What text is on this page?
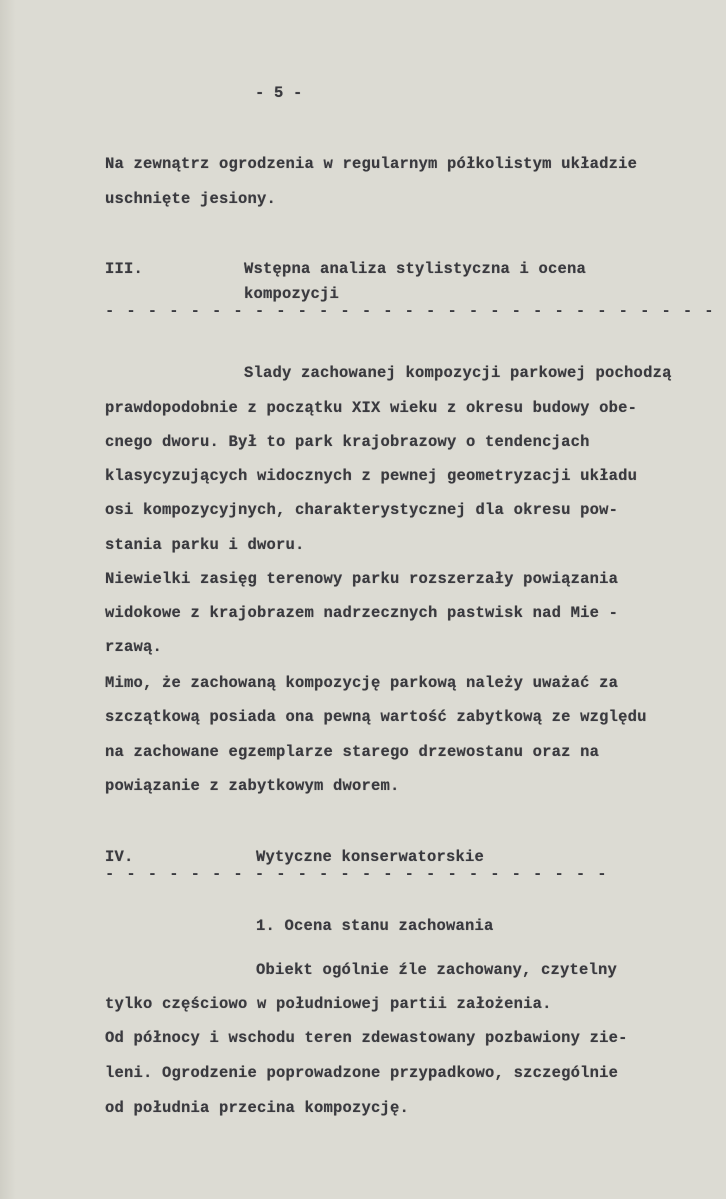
- 5 -
Na zewnątrz ogrodzenia w regularnym półkolistym układzie
uschnięte jesiony.
III.	Wstępna analiza stylistyczna i ocena
kompozycji
- - - - - - - - - - - - - - - - - - - - - - - - - - - - -
Slady zachowanej kompozycji parkowej pochodzą
prawdopodobnie z początku XIX wieku z okresu budowy obe-
cnego dworu. Był to park krajobrazowy o tendencjach
klasycyzujących widocznych z pewnej geometryzacji układu
osi kompozycyjnych, charakterystycznej dla okresu pow-
stania parku i dworu.
Niewielki zasięg terenowy parku rozszerzały powiązania
widokowe z krajobrazem nadrzecznych pastwisk nad Mie -
rzawą.
Mimo, że zachowaną kompozycję parkową należy uważać za
szczątkową posiada ona pewną wartość zabytkową ze względu
na zachowane egzemplarze starego drzewostanu oraz na
powiązanie z zabytkowym dworem.
IV.	Wytyczne konserwatorskie
- - - - - - - - - - - - - - - - - - - - - - - -
1. Ocena stanu zachowania
Obiekt ogólnie źle zachowany, czytelny
tylko częściowo w południowej partii założenia.
Od północy i wschodu teren zdewastowany pozbawiony zie-
leni. Ogrodzenie poprowadzone przypadkowo, szczególnie
od południa przecina kompozycję.
